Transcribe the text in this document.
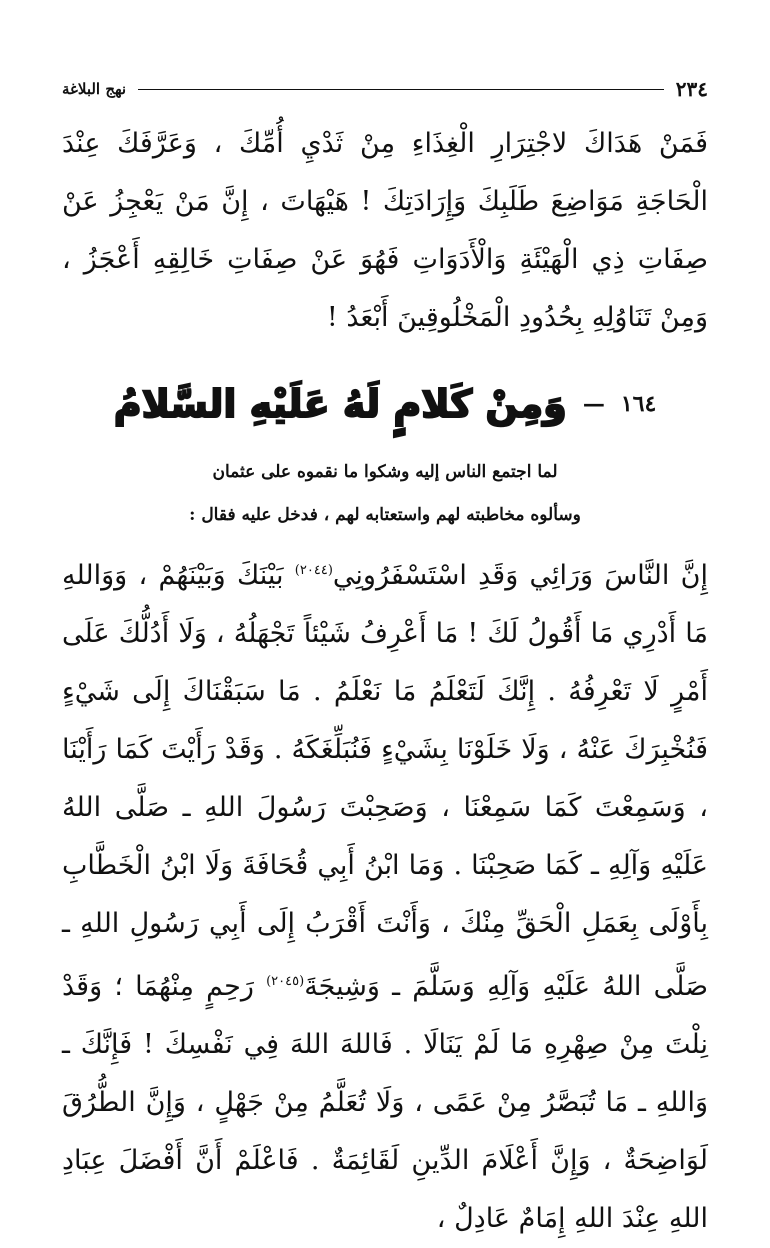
٢٣٤
نهج البلاغة
فَمَنْ هَدَاكَ لاجْتِرَارِ الْغِذَاءِ مِنْ ثَدْيِ أُمِّكَ ، وَعَرَّفَكَ عِنْدَ الْحَاجَةِ مَوَاضِعَ طَلَبِكَ وَإِرَادَتِكَ ! هَيْهَاتَ ، إِنَّ مَنْ يَعْجِزُ عَنْ صِفَاتِ ذِي الْهَيْئَةِ وَالْأَدَوَاتِ فَهُوَ عَنْ صِفَاتِ خَالِقِهِ أَعْجَزُ ، وَمِنْ تَنَاوُلِهِ بِحُدُودِ الْمَخْلُوقِينَ أَبْعَدُ !
١٦٤
—
وَمِنْ كَلامٍ لَهُ عَلَيْهِ السَّلامُ
لما اجتمع الناس إليه وشكوا ما نقموه على عثمان
وسألوه مخاطبته لهم واستعتابه لهم ، فدخل عليه فقال :
إِنَّ النَّاسَ وَرَائِي وَقَدِ اسْتَسْفَرُونِي$^{(٢٠٤٤)}$ بَيْنَكَ وَبَيْنَهُمْ ، وَوَاللهِ مَا أَدْرِي مَا أَقُولُ لَكَ ! مَا أَعْرِفُ شَيْئاً تَجْهَلُهُ ، وَلَا أَدُلُّكَ عَلَى أَمْرٍ لَا تَعْرِفُهُ . إِنَّكَ لَتَعْلَمُ مَا نَعْلَمُ . مَا سَبَقْنَاكَ إِلَى شَيْءٍ فَنُخْبِرَكَ عَنْهُ ، وَلَا خَلَوْنَا بِشَيْءٍ فَنُبَلِّغَكَهُ . وَقَدْ رَأَيْتَ كَمَا رَأَيْنَا ، وَسَمِعْتَ كَمَا سَمِعْنَا ، وَصَحِبْتَ رَسُولَ اللهِ ـ صَلَّى اللهُ عَلَيْهِ وَآلِهِ ـ كَمَا صَحِبْنَا . وَمَا ابْنُ أَبِي قُحَافَةَ وَلَا ابْنُ الْخَطَّابِ بِأَوْلَى بِعَمَلِ الْحَقِّ مِنْكَ ، وَأَنْتَ أَقْرَبُ إِلَى أَبِي رَسُولِ اللهِ ـ صَلَّى اللهُ عَلَيْهِ وَآلِهِ وَسَلَّمَ ـ وَشِيجَةَ$^{(٢٠٤٥)}$ رَحِمٍ مِنْهُمَا ؛ وَقَدْ نِلْتَ مِنْ صِهْرِهِ مَا لَمْ يَنَالَا . فَاللهَ اللهَ فِي نَفْسِكَ ! فَإِنَّكَ ـ وَاللهِ ـ مَا تُبَصَّرُ مِنْ عَمًى ، وَلَا تُعَلَّمُ مِنْ جَهْلٍ ، وَإِنَّ الطُّرُقَ لَوَاضِحَةٌ ، وَإِنَّ أَعْلَامَ الدِّينِ لَقَائِمَةٌ . فَاعْلَمْ أَنَّ أَفْضَلَ عِبَادِ اللهِ عِنْدَ اللهِ إِمَامٌ عَادِلٌ ،
